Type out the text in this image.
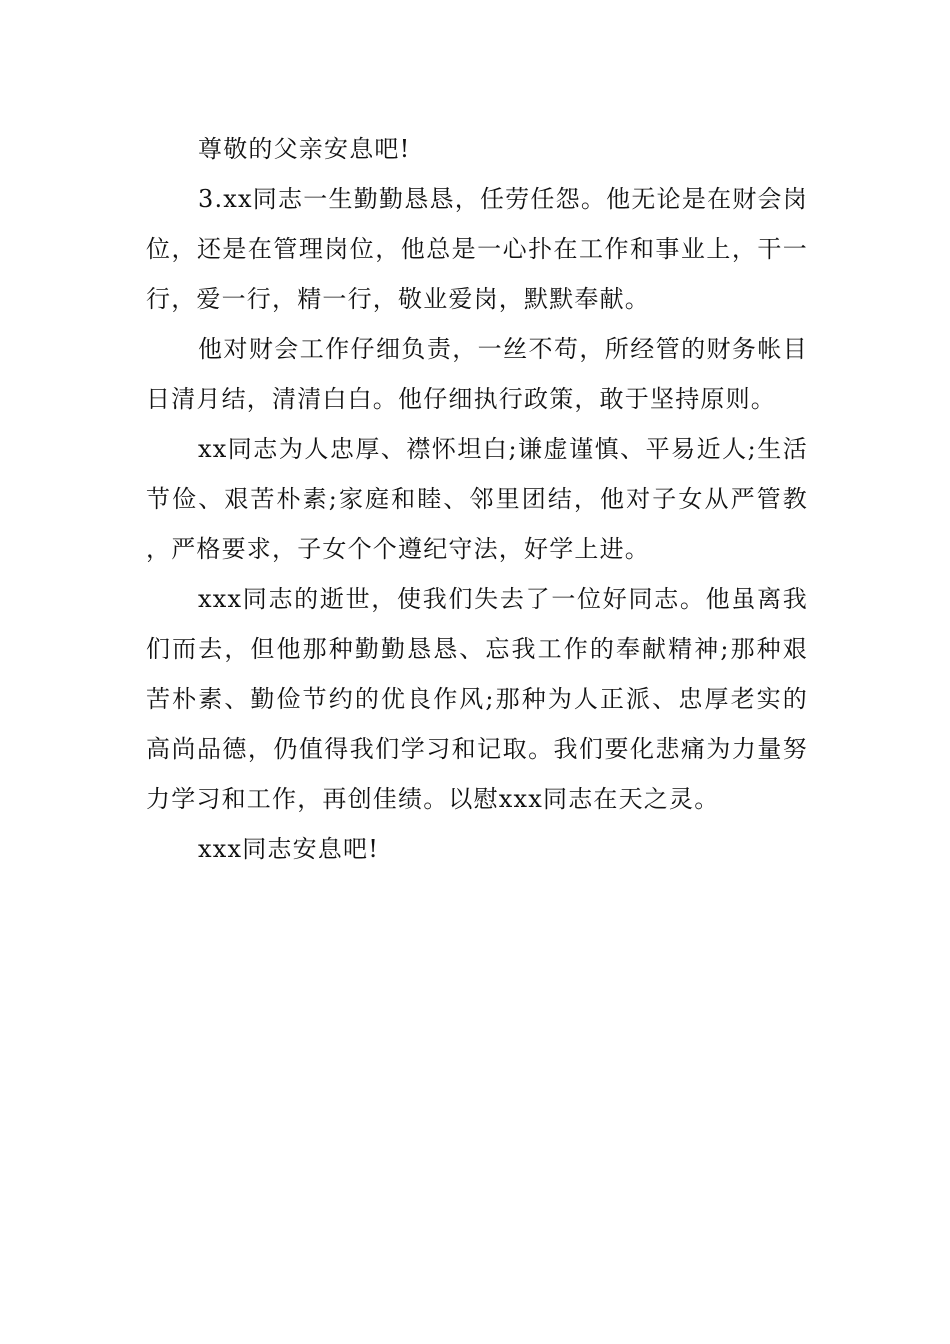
尊敬的父亲安息吧!

3.xx同志一生勤勤恳恳，任劳任怨。他无论是在财会岗位，还是在管理岗位，他总是一心扑在工作和事业上，干一行，爱一行，精一行，敬业爱岗，默默奉献。

他对财会工作仔细负责，一丝不苟，所经管的财务帐目日清月结，清清白白。他仔细执行政策，敢于坚持原则。

xx同志为人忠厚、襟怀坦白;谦虚谨慎、平易近人;生活节俭、艰苦朴素;家庭和睦、邻里团结，他对子女从严管教，严格要求，子女个个遵纪守法，好学上进。

xxx同志的逝世，使我们失去了一位好同志。他虽离我们而去，但他那种勤勤恳恳、忘我工作的奉献精神;那种艰苦朴素、勤俭节约的优良作风;那种为人正派、忠厚老实的高尚品德，仍值得我们学习和记取。我们要化悲痛为力量努力学习和工作，再创佳绩。以慰xxx同志在天之灵。

xxx同志安息吧!
